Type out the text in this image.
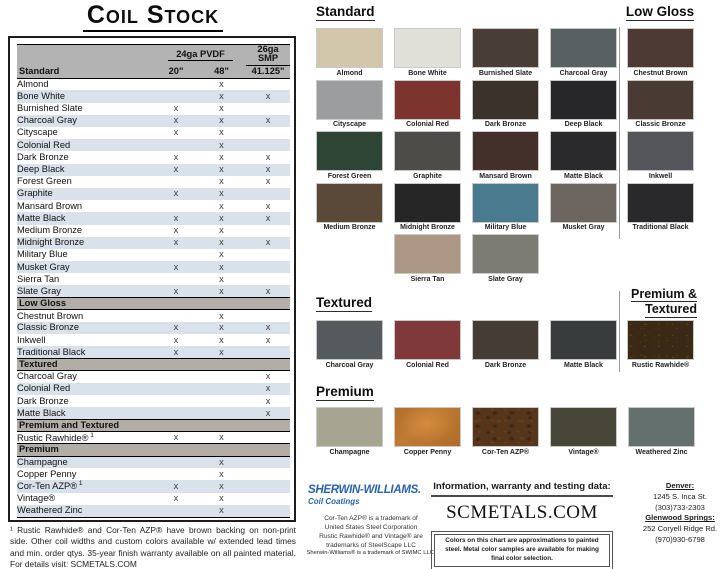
Coil Stock
	24ga PVDF		26ga SMP
Standard	20"	48"	41.125"
Almond		x	
Bone White		x	x
Burnished Slate	x	x	
Charcoal Gray	x	x	x
Cityscape	x	x	
Colonial Red		x	
Dark Bronze	x	x	x
Deep Black	x	x	x
Forest Green		x	x
Graphite	x	x	
Mansard Brown		x	x
Matte Black	x	x	x
Medium Bronze	x	x	
Midnight Bronze	x	x	x
Military Blue		x	
Musket Gray	x	x	
Sierra Tan		x	
Slate Gray	x	x	x
Low Gloss			
Chestnut Brown		x	
Classic Bronze	x	x	x
Inkwell	x	x	x
Traditional Black	x	x	
Textured			
Charcoal Gray			x
Colonial Red			x
Dark Bronze			x
Matte Black			x
Premium and Textured			
Rustic Rawhide® $^1$	x	x	
Premium			
Champagne		x	
Copper Penny		x	
Cor-Ten AZP® $^1$	x	x	
Vintage®	x	x	
Weathered Zinc		x	
¹ Rustic Rawhide® and Cor-Ten AZP® have brown backing on non-print side. Other coil widths and custom colors available w/ extended lead times and min. order qtys. 35-year finish warranty available on all painted material. For details visit: SCMETALS.COM
Standard
Almond	Bone White	Burnished Slate	Charcoal Gray
Cityscape	Colonial Red	Dark Bronze	Deep Black
Forest Green	Graphite	Mansard Brown	Matte Black
Medium Bronze	Midnight Bronze	Military Blue	Musket Gray
Sierra Tan	Slate Gray
Low Gloss
Chestnut Brown
Classic Bronze
Inkwell
Traditional Black
Textured
Charcoal Gray	Colonial Red	Dark Bronze	Matte Black
Premium &
Textured
Rustic Rawhide®
Premium
Champagne	Copper Penny	Cor-Ten AZP®	Vintage®	Weathered Zinc
SHERWIN-WILLIAMS.
Coil Coatings
Cor-Ten AZP® is a trademark of
United States Steel Corporation
Rustic Rawhide® and Vintage® are
trademarks of SteelScape LLC
Sherwin-Williams® is a trademark of SWIMC LLC.
Information, warranty and testing data:
SCMETALS.COM
Colors on this chart are approximations to painted steel. Metal color samples are available for making final color selection.
Denver:
1245 S. Inca St.
(303)733-2303
Glenwood Springs:
252 Coryell Ridge Rd.
(970)930-6798
